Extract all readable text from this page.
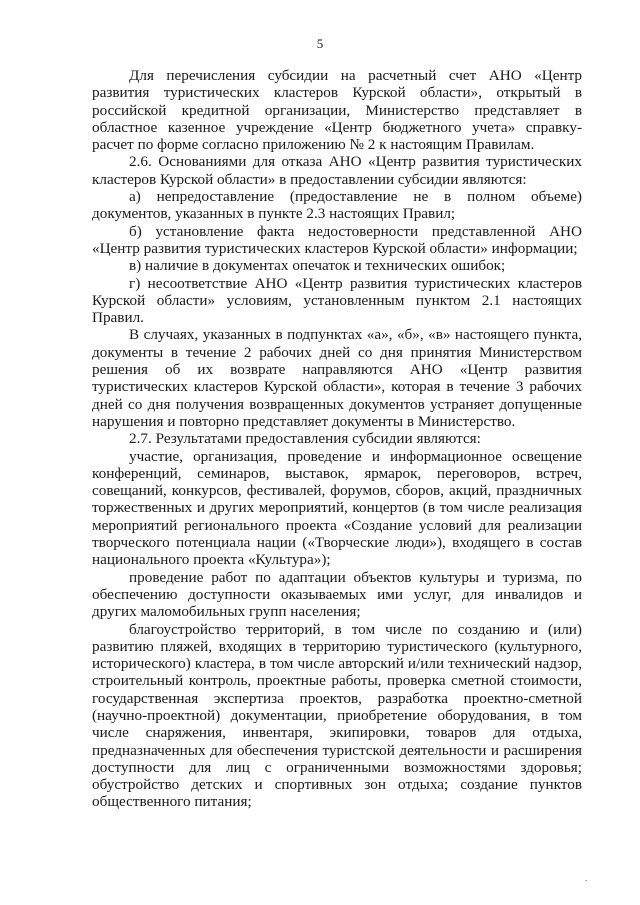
5

Для перечисления субсидии на расчетный счет АНО «Центр развития туристических кластеров Курской области», открытый в российской кредитной организации, Министерство представляет в областное казенное учреждение «Центр бюджетного учета» справку-расчет по форме согласно приложению № 2 к настоящим Правилам.

2.6. Основаниями для отказа АНО «Центр развития туристических кластеров Курской области» в предоставлении субсидии являются:

а) непредоставление (предоставление не в полном объеме) документов, указанных в пункте 2.3 настоящих Правил;

б) установление факта недостоверности представленной АНО «Центр развития туристических кластеров Курской области» информации;

в) наличие в документах опечаток и технических ошибок;

г) несоответствие АНО «Центр развития туристических кластеров Курской области» условиям, установленным пунктом 2.1 настоящих Правил.

В случаях, указанных в подпунктах «а», «б», «в» настоящего пункта, документы в течение 2 рабочих дней со дня принятия Министерством решения об их возврате направляются АНО «Центр развития туристических кластеров Курской области», которая в течение 3 рабочих дней со дня получения возвращенных документов устраняет допущенные нарушения и повторно представляет документы в Министерство.

2.7. Результатами предоставления субсидии являются:

участие, организация, проведение и информационное освещение конференций, семинаров, выставок, ярмарок, переговоров, встреч, совещаний, конкурсов, фестивалей, форумов, сборов, акций, праздничных торжественных и других мероприятий, концертов (в том числе реализация мероприятий регионального проекта «Создание условий для реализации творческого потенциала нации («Творческие люди»), входящего в состав национального проекта «Культура»);

проведение работ по адаптации объектов культуры и туризма, по обеспечению доступности оказываемых ими услуг, для инвалидов и других маломобильных групп населения;

благоустройство территорий, в том числе по созданию и (или) развитию пляжей, входящих в территорию туристического (культурного, исторического) кластера, в том числе авторский и/или технический надзор, строительный контроль, проектные работы, проверка сметной стоимости, государственная экспертиза проектов, разработка проектно-сметной (научно-проектной) документации, приобретение оборудования, в том числе снаряжения, инвентаря, экипировки, товаров для отдыха, предназначенных для обеспечения туристской деятельности и расширения доступности для лиц с ограниченными возможностями здоровья; обустройство детских и спортивных зон отдыха; создание пунктов общественного питания;

.
